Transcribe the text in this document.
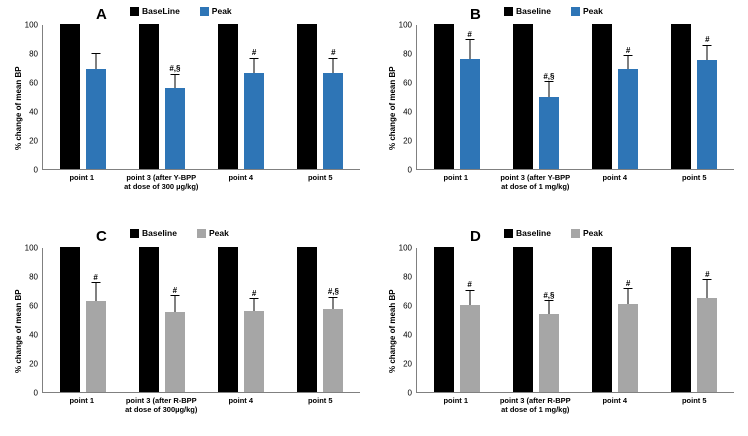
A	BaseLine	Peak
% change of mean BP
100
80
60
40
20
0
#,§
#	#
point 1	point 3 (after Y-BPP at dose of 300 µg/kg)
point 4	point 5
B	Baseline	Peak
% change of mean BP
100
80
60
40
20
0
#
#,§
#
#
point 1	point 3 (after Y-BPP at dose of 1 mg/kg)
point 4	point 5
C	Baseline	Peak
% change of mean BP
100
80
60
40
20
0
#
#	#	#,§
point 1	point 3 (after R-BPP at dose of 300µg/kg)
point 4	point 5
D	Baseline	Peak
% change of meah BP
100
80
60
40
20
0
#
#,§
#
#
point 1	point 3 (after R-BPP at dose of 1 mg/kg)
point 4	point 5
